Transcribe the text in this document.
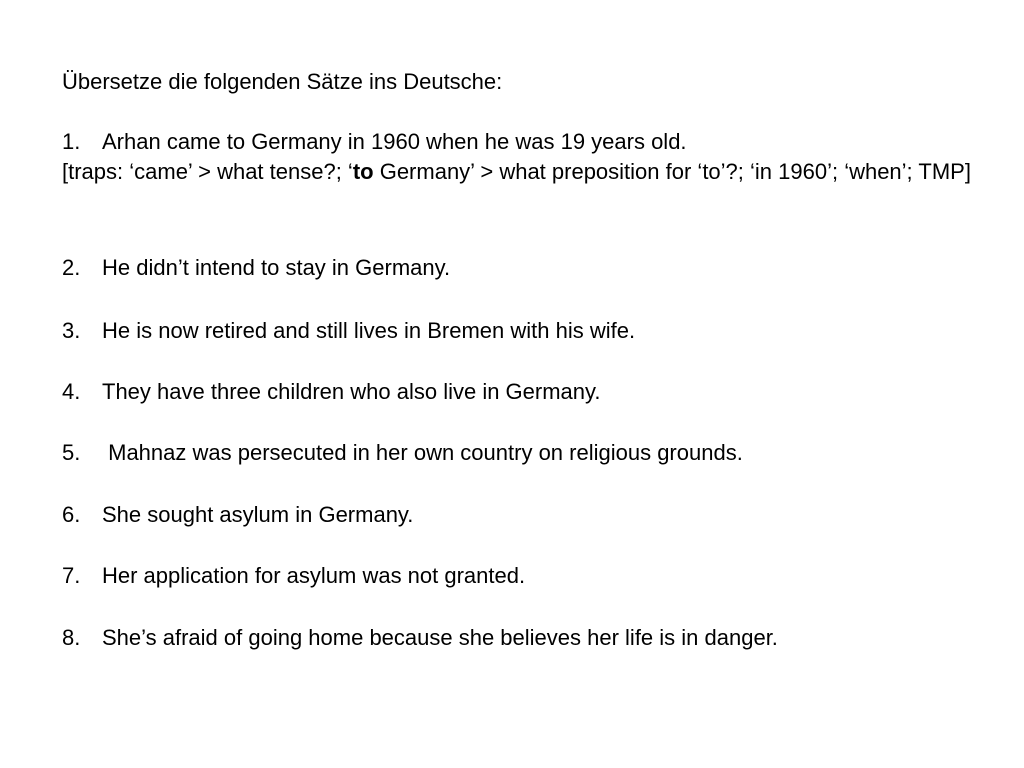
Übersetze die folgenden Sätze ins Deutsche:
1. Arhan came to Germany in 1960 when he was 19 years old.
[traps: ‘came’ > what tense?; ‘to Germany’ > what preposition for ‘to’?; ‘in 1960’; ‘when’; TMP]
2. He didn’t intend to stay in Germany.
3. He is now retired and still lives in Bremen with his wife.
4. They have three children who also live in Germany.
5. Mahnaz was persecuted in her own country on religious grounds.
6. She sought asylum in Germany.
7. Her application for asylum was not granted.
8. She’s afraid of going home because she believes her life is in danger.
